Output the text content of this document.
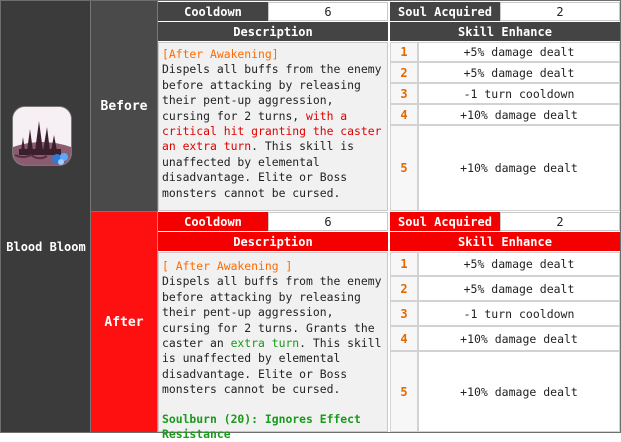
Blood Bloom
Before
Cooldown	6	Soul Acquired	2
Description	Skill Enhance
[After Awakening]
Dispels all buffs from the enemy before attacking by releasing their pent-up aggression, cursing for 2 turns, with a critical hit granting the caster an extra turn. This skill is unaffected by elemental disadvantage. Elite or Boss monsters cannot be cursed.
1	+5% damage dealt
2	+5% damage dealt
3	-1 turn cooldown
4	+10% damage dealt
5	+10% damage dealt
After
Cooldown	6	Soul Acquired	2
Description	Skill Enhance
[ After Awakening ]
Dispels all buffs from the enemy before attacking by releasing their pent-up aggression, cursing for 2 turns. Grants the caster an extra turn. This skill is unaffected by elemental disadvantage. Elite or Boss monsters cannot be cursed.
Soulburn (20): Ignores Effect Resistance
1	+5% damage dealt
2	+5% damage dealt
3	-1 turn cooldown
4	+10% damage dealt
5	+10% damage dealt
